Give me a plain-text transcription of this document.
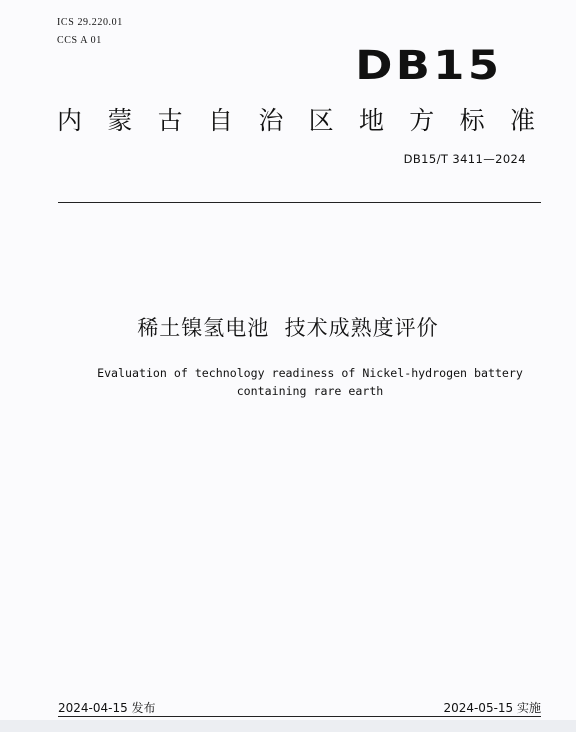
ICS 29.220.01
CCS A 01
DB15
内 蒙 古 自 治 区 地 方 标 准
DB15/T 3411—2024
稀土镍氢电池  技术成熟度评价
Evaluation of technology readiness of Nickel-hydrogen battery
containing rare earth
2024-04-15 发布	2024-05-15 实施
